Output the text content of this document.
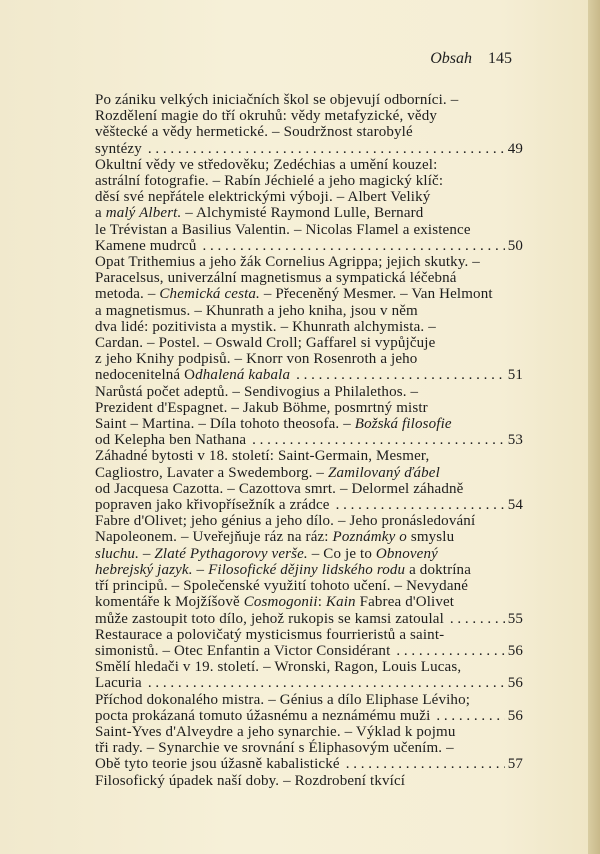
Obsah 145
Po zániku velkých iniciačních škol se objevují odborníci. –
Rozdělení magie do tří okruhů: vědy metafyzické, vědy
věštecké a vědy hermetické. – Soudržnost starobylé
syntézy . . .	49
Okultní vědy ve středověku; Zedéchias a umění kouzel:
astrální fotografie. – Rabín Jéchielé a jeho magický klíč:
děsí své nepřátele elektrickými výboji. – Albert Veliký
a malý Albert. – Alchymisté Raymond Lulle, Bernard
le Trévistan a Basilius Valentin. – Nicolas Flamel a existence
Kamene mudrců . . .	50
Opat Trithemius a jeho žák Cornelius Agrippa; jejich skutky. –
Paracelsus, univerzální magnetismus a sympatická léčebná
metoda. – Chemická cesta. – Přeceněný Mesmer. – Van Helmont
a magnetismus. – Khunrath a jeho kniha, jsou v něm
dva lidé: pozitivista a mystik. – Khunrath alchymista. –
Cardan. – Postel. – Oswald Croll; Gaffarel si vypůjčuje
z jeho Knihy podpisů. – Knorr von Rosenroth a jeho
nedocenitelná Odhalená kabala . . .	51
Narůstá počet adeptů. – Sendivogius a Philalethos. –
Prezident d'Espagnet. – Jakub Böhme, posmrtný mistr
Saint – Martina. – Díla tohoto theosofa. – Božská filosofie
od Kelepha ben Nathana . . .	53
Záhadné bytosti v 18. století: Saint-Germain, Mesmer,
Cagliostro, Lavater a Swedemborg. – Zamilovaný ďábel
od Jacquesa Cazotta. – Cazottova smrt. – Delormel záhadně
popraven jako křivopřísežník a zrádce . . .	54
Fabre d'Olivet; jeho génius a jeho dílo. – Jeho pronásledování
Napoleonem. – Uveřejňuje ráz na ráz: Poznámky o smyslu
sluchu. – Zlaté Pythagorovy verše. – Co je to Obnovený
hebrejský jazyk. – Filosofické dějiny lidského rodu a doktrína
tří principů. – Společenské využití tohoto učení. – Nevydané
komentáře k Mojžíšově Cosmogonii: Kain Fabrea d'Olivet
může zastoupit toto dílo, jehož rukopis se kamsi zatoulal . . .	55
Restaurace a polovičatý mysticismus fourrieristů a saint-
simonistů. – Otec Enfantin a Victor Considérant . . .	56
Smělí hledači v 19. století. – Wronski, Ragon, Louis Lucas,
Lacuria . . .	56
Příchod dokonalého mistra. – Génius a dílo Eliphase Léviho;
pocta prokázaná tomuto úžasnému a neznámému muži . . .	56
Saint-Yves d'Alveydre a jeho synarchie. – Výklad k pojmu
tři rady. – Synarchie ve srovnání s Éliphasovým učením. –
Obě tyto teorie jsou úžasně kabalistické . . .	57
Filosofický úpadek naší doby. – Rozdrobení tkvící
